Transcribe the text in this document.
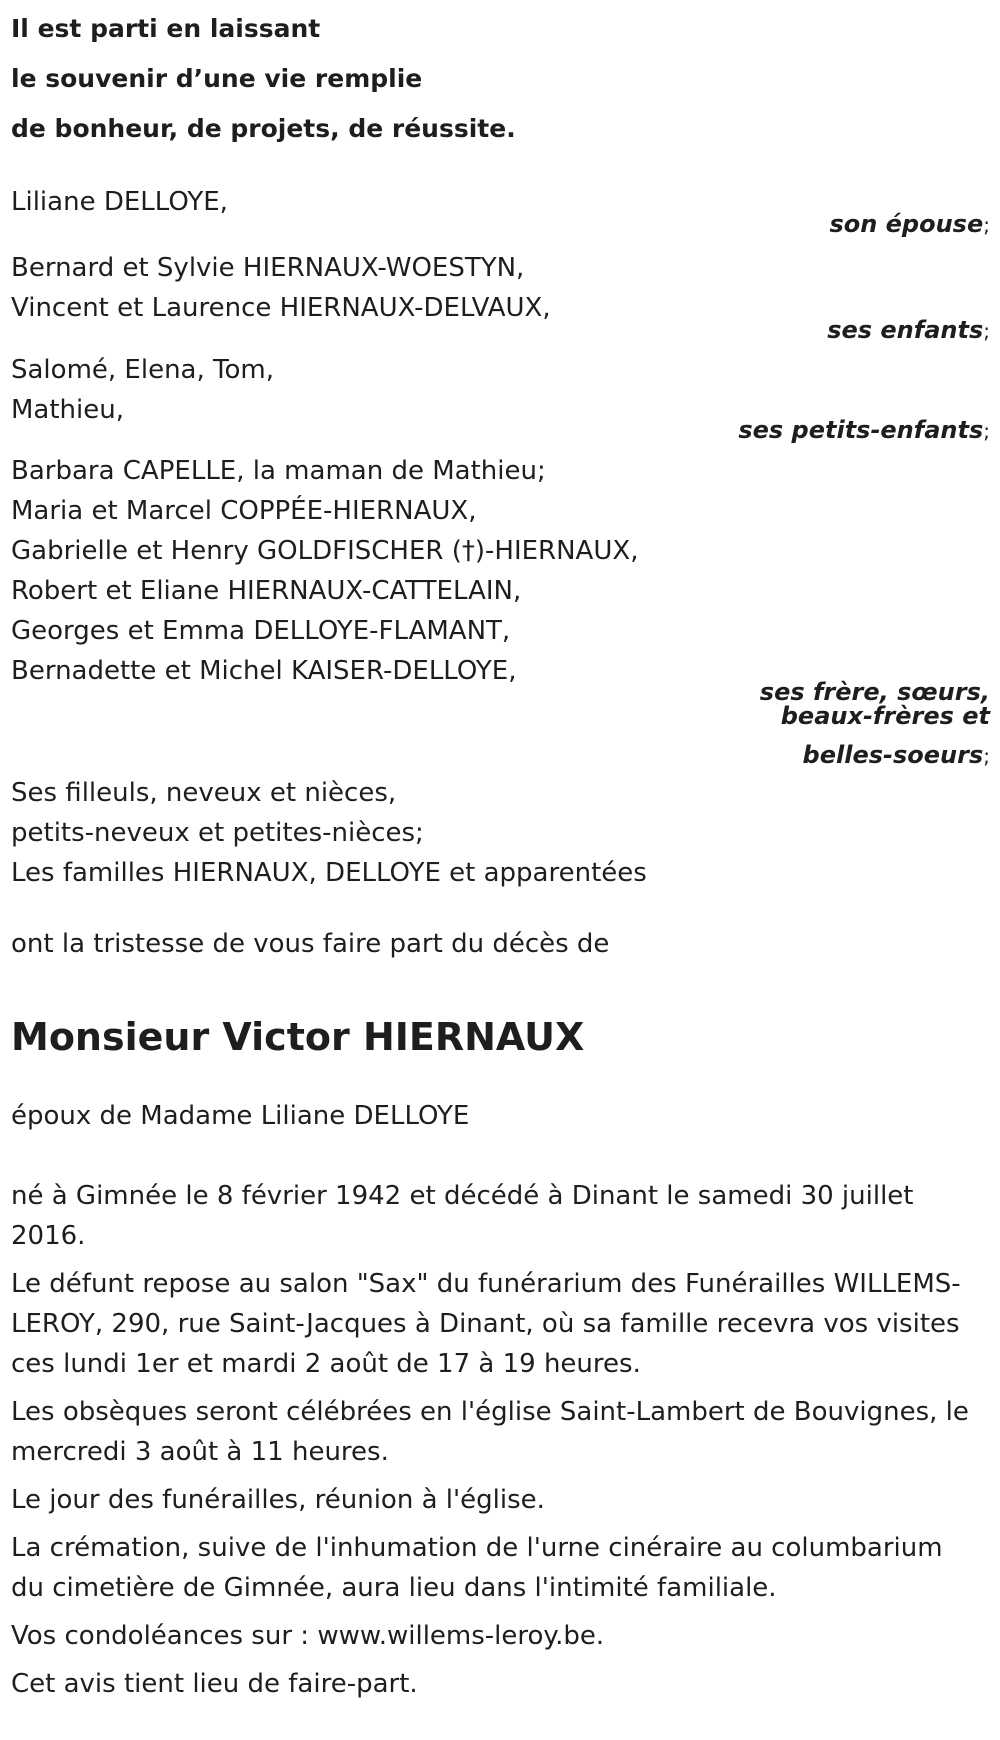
Il est parti en laissant
le souvenir d’une vie remplie
de bonheur, de projets, de réussite.
Liliane DELLOYE,
son épouse;
Bernard et Sylvie HIERNAUX-WOESTYN,
Vincent et Laurence HIERNAUX-DELVAUX,
ses enfants;
Salomé, Elena, Tom,
Mathieu,
ses petits-enfants;
Barbara CAPELLE, la maman de Mathieu;
Maria et Marcel COPPÉE-HIERNAUX,
Gabrielle et Henry GOLDFISCHER (†)-HIERNAUX,
Robert et Eliane HIERNAUX-CATTELAIN,
Georges et Emma DELLOYE-FLAMANT,
Bernadette et Michel KAISER-DELLOYE,
ses frère, sœurs,
beaux-frères et
belles-soeurs;
Ses filleuls, neveux et nièces,
petits-neveux et petites-nièces;
Les familles HIERNAUX, DELLOYE et apparentées
ont la tristesse de vous faire part du décès de
Monsieur Victor HIERNAUX
époux de Madame Liliane DELLOYE
né à Gimnée le 8 février 1942 et décédé à Dinant le samedi 30 juillet
2016.
Le défunt repose au salon "Sax" du funérarium des Funérailles WILLEMS-
LEROY, 290, rue Saint-Jacques à Dinant, où sa famille recevra vos visites
ces lundi 1er et mardi 2 août de 17 à 19 heures.
Les obsèques seront célébrées en l'église Saint-Lambert de Bouvignes, le
mercredi 3 août à 11 heures.
Le jour des funérailles, réunion à l'église.
La crémation, suive de l'inhumation de l'urne cinéraire au columbarium
du cimetière de Gimnée, aura lieu dans l'intimité familiale.
Vos condoléances sur : www.willems-leroy.be.
Cet avis tient lieu de faire-part.
